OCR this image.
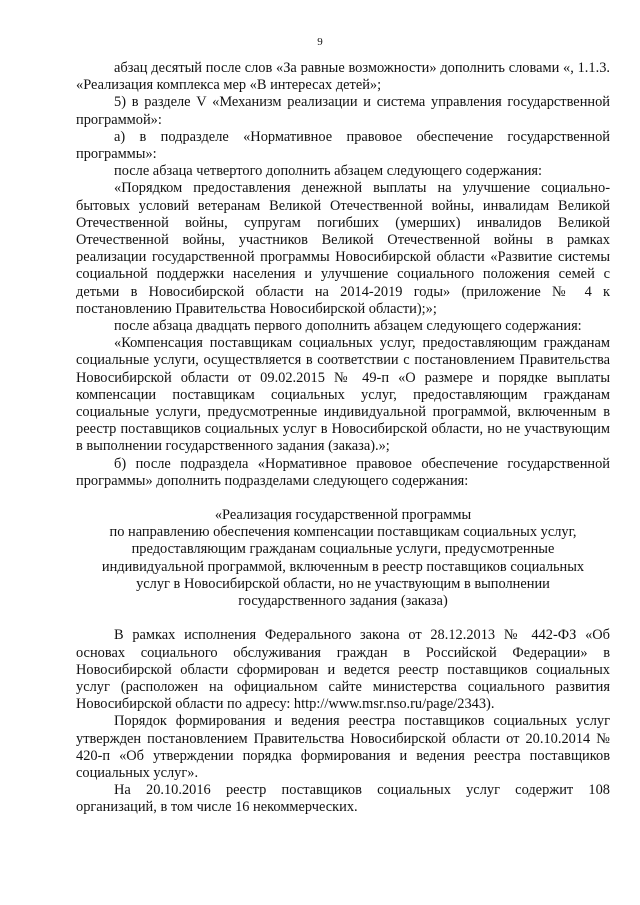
9

абзац десятый после слов «За равные возможности» дополнить словами «, 1.1.3. «Реализация комплекса мер «В интересах детей»;

5) в разделе V «Механизм реализации и система управления государственной программой»:

а) в подразделе «Нормативное правовое обеспечение государственной программы»:

после абзаца четвертого дополнить абзацем следующего содержания:

«Порядком предоставления денежной выплаты на улучшение социально-бытовых условий ветеранам Великой Отечественной войны, инвалидам Великой Отечественной войны, супругам погибших (умерших) инвалидов Великой Отечественной войны, участников Великой Отечественной войны в рамках реализации государственной программы Новосибирской области «Развитие системы социальной поддержки населения и улучшение социального положения семей с детьми в Новосибирской области на 2014-2019 годы» (приложение № 4 к постановлению Правительства Новосибирской области);»;

после абзаца двадцать первого дополнить абзацем следующего содержания:

«Компенсация поставщикам социальных услуг, предоставляющим гражданам социальные услуги, осуществляется в соответствии с постановлением Правительства Новосибирской области от 09.02.2015 № 49-п «О размере и порядке выплаты компенсации поставщикам социальных услуг, предоставляющим гражданам социальные услуги, предусмотренные индивидуальной программой, включенным в реестр поставщиков социальных услуг в Новосибирской области, но не участвующим в выполнении государственного задания (заказа).»;

б) после подраздела «Нормативное правовое обеспечение государственной программы» дополнить подразделами следующего содержания:

«Реализация государственной программы

по направлению обеспечения компенсации поставщикам социальных услуг,

предоставляющим гражданам социальные услуги, предусмотренные

индивидуальной программой, включенным в реестр поставщиков социальных

услуг в Новосибирской области, но не участвующим в выполнении

государственного задания (заказа)

В рамках исполнения Федерального закона от 28.12.2013 № 442-ФЗ «Об основах социального обслуживания граждан в Российской Федерации» в Новосибирской области сформирован и ведется реестр поставщиков социальных услуг (расположен на официальном сайте министерства социального развития Новосибирской области по адресу: http://www.msr.nso.ru/page/2343).

Порядок формирования и ведения реестра поставщиков социальных услуг утвержден постановлением Правительства Новосибирской области от 20.10.2014 № 420-п «Об утверждении порядка формирования и ведения реестра поставщиков социальных услуг».

На 20.10.2016 реестр поставщиков социальных услуг содержит 108 организаций, в том числе 16 некоммерческих.
